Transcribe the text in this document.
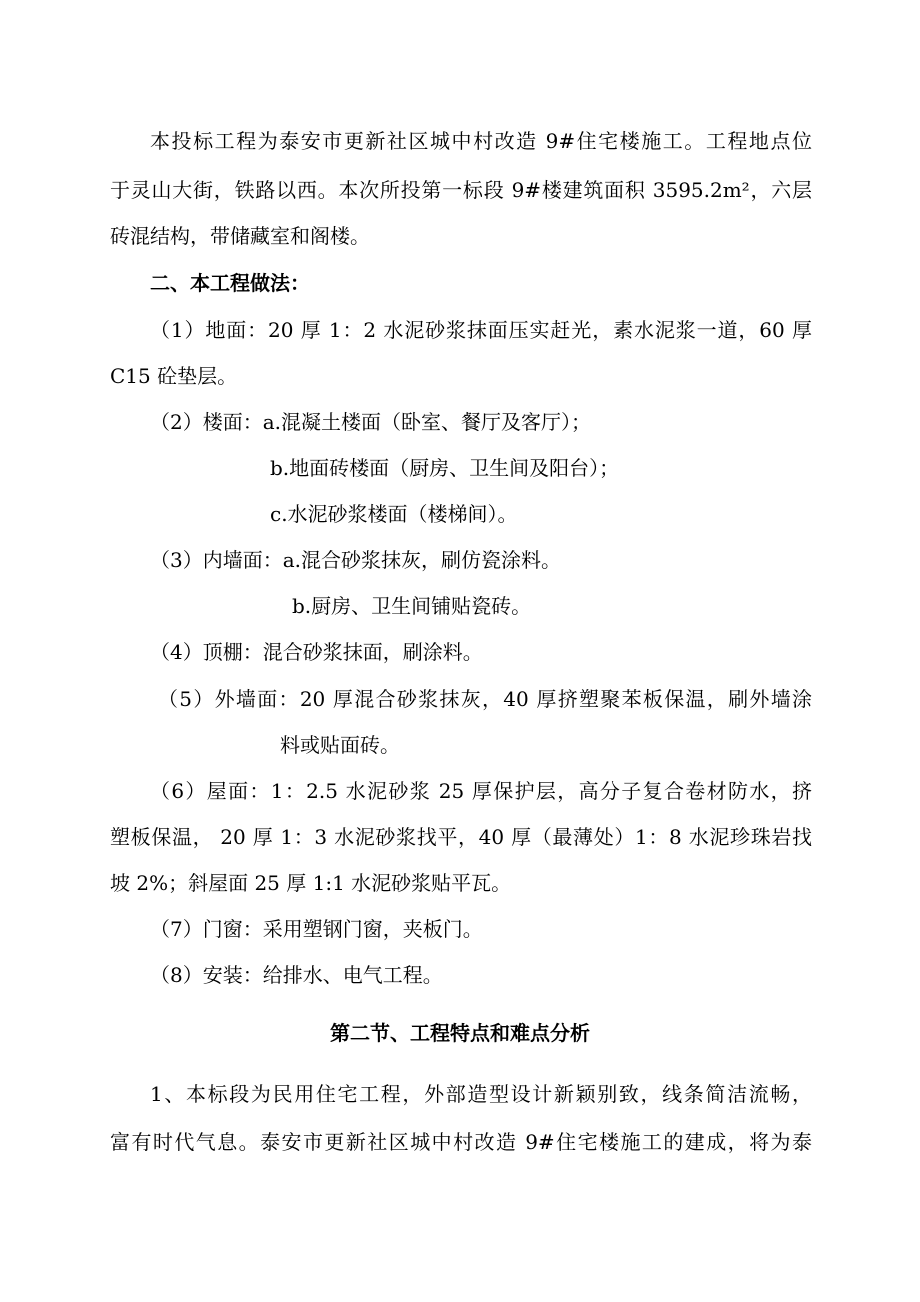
本投标工程为泰安市更新社区城中村改造 9#住宅楼施工。工程地点位
于灵山大街，铁路以西。本次所投第一标段 9#楼建筑面积 3595.2m²，六层
砖混结构，带储藏室和阁楼。
二、本工程做法：
（1）地面：20 厚 1：2 水泥砂浆抹面压实赶光，素水泥浆一道，60 厚
C15 砼垫层。
（2）楼面：a.混凝土楼面（卧室、餐厅及客厅）；
b.地面砖楼面（厨房、卫生间及阳台）；
c.水泥砂浆楼面（楼梯间）。
（3）内墙面：a.混合砂浆抹灰，刷仿瓷涂料。
b.厨房、卫生间铺贴瓷砖。
（4）顶棚：混合砂浆抹面，刷涂料。
（5）外墙面：20 厚混合砂浆抹灰，40 厚挤塑聚苯板保温，刷外墙涂
料或贴面砖。
（6）屋面：1：2.5 水泥砂浆 25 厚保护层，高分子复合卷材防水，挤
塑板保温， 20 厚 1：3 水泥砂浆找平，40 厚（最薄处）1：8 水泥珍珠岩找
坡 2%；斜屋面 25 厚 1:1 水泥砂浆贴平瓦。
（7）门窗：采用塑钢门窗，夹板门。
（8）安装：给排水、电气工程。
第二节、工程特点和难点分析
1、本标段为民用住宅工程，外部造型设计新颖别致，线条简洁流畅，
富有时代气息。泰安市更新社区城中村改造 9#住宅楼施工的建成，将为泰
